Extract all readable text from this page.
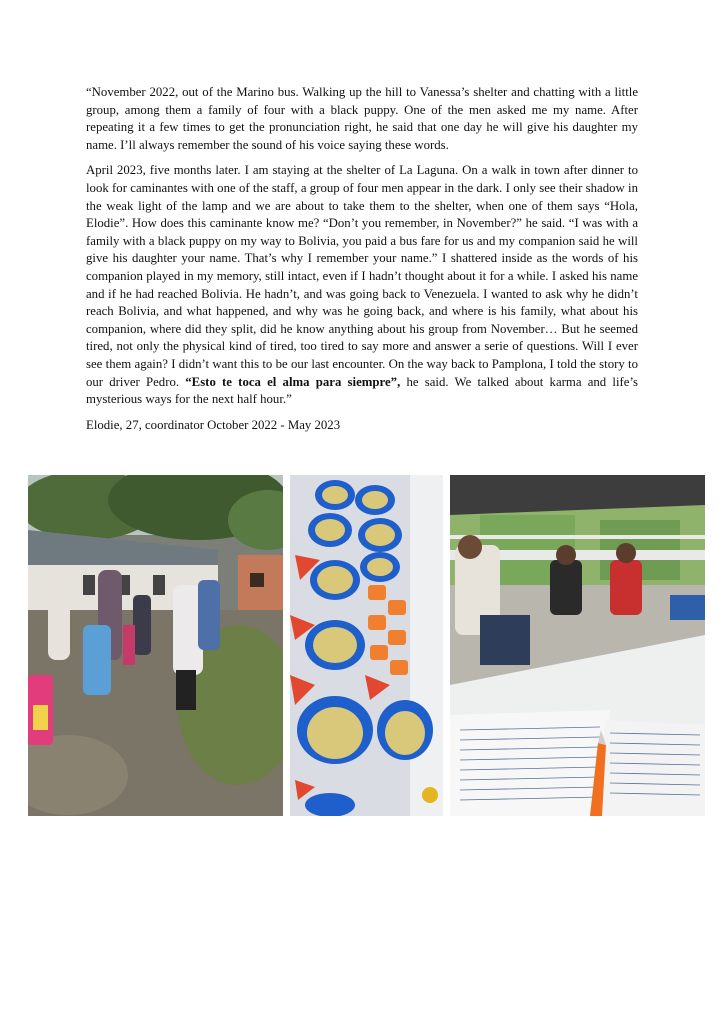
“November 2022, out of the Marino bus. Walking up the hill to Vanessa’s shelter and chatting with a little group, among them a family of four with a black puppy. One of the men asked me my name. After repeating it a few times to get the pronunciation right, he said that one day he will give his daughter my name. I’ll always remember the sound of his voice saying these words.

April 2023, five months later. I am staying at the shelter of La Laguna. On a walk in town after dinner to look for caminantes with one of the staff, a group of four men appear in the dark. I only see their shadow in the weak light of the lamp and we are about to take them to the shelter, when one of them says “Hola, Elodie”. How does this caminante know me? “Don’t you remember, in November?” he said. “I was with a family with a black puppy on my way to Bolivia, you paid a bus fare for us and my companion said he will give his daughter your name. That’s why I remember your name.” I shattered inside as the words of his companion played in my memory, still intact, even if I hadn’t thought about it for a while. I asked his name and if he had reached Bolivia. He hadn’t, and was going back to Venezuela. I wanted to ask why he didn’t reach Bolivia, and what happened, and why was he going back, and where is his family, what about his companion, where did they split, did he know anything about his group from November… But he seemed tired, not only the physical kind of tired, too tired to say more and answer a serie of questions. Will I ever see them again? I didn’t want this to be our last encounter. On the way back to Pamplona, I told the story to our driver Pedro. “Esto te toca el alma para siempre”, he said. We talked about karma and life’s mysterious ways for the next half hour.”

Elodie, 27, coordinator October 2022 - May 2023
